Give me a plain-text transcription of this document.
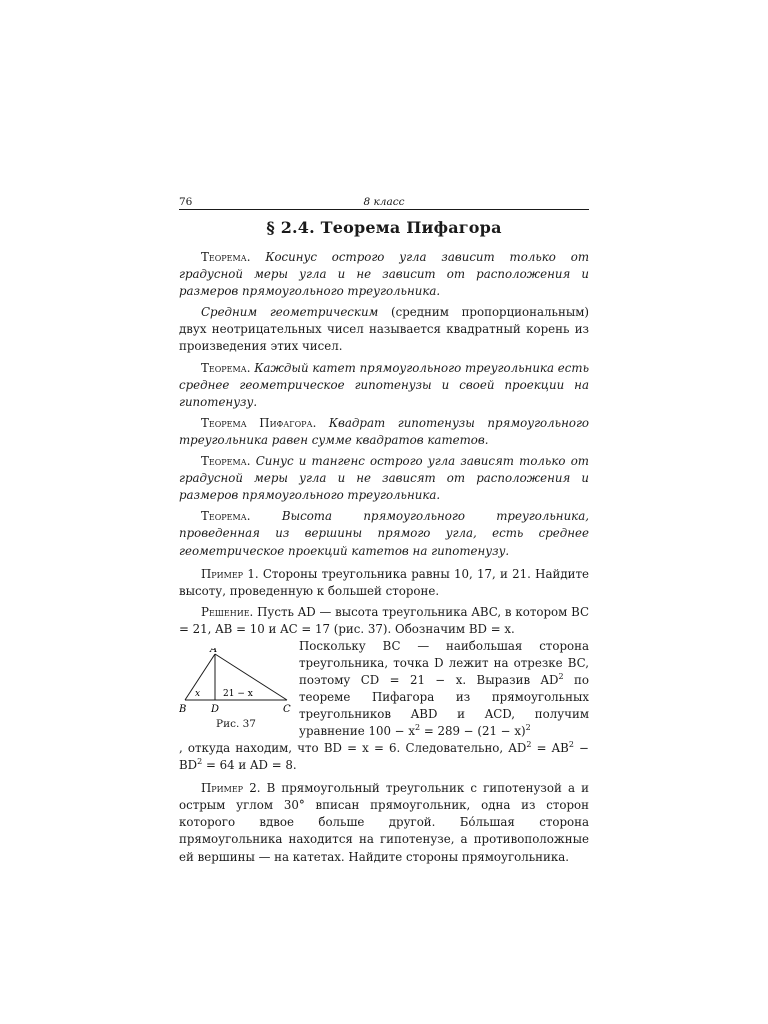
76	8 класс
§ 2.4. Теорема Пифагора

Теорема. Косинус острого угла зависит только от градусной меры угла и не зависит от расположения и размеров прямоугольного треугольника.

Средним геометрическим (средним пропорциональным) двух неотрицательных чисел называется квадратный корень из произведения этих чисел.

Теорема. Каждый катет прямоугольного треугольника есть среднее геометрическое гипотенузы и своей проекции на гипотенузу.

Теорема Пифагора. Квадрат гипотенузы прямоугольного треугольника равен сумме квадратов катетов.

Теорема. Синус и тангенс острого угла зависят только от градусной меры угла и не зависят от расположения и размеров прямоугольного треугольника.

Теорема.	Высота прямоугольного треугольника, проведенная из вершины прямого угла, есть среднее геометрическое проекций катетов на гипотенузу.

Пример 1. Стороны треугольника равны 10, 17, и 21. Найдите высоту, проведенную к большей стороне.

Решение. Пусть AD — высота треугольника ABC, в котором BC = 21, AB = 10 и AC = 17 (рис. 37). Обозначим BD = x.

A
B D	C
x	21 − x
Рис. 37
Поскольку BC — наибольшая сторона треугольника, точка D лежит на отрезке BC, поэтому CD = 21 − x. Выразив $AD^2$ по теореме Пифагора из прямоугольных треугольников ABD и ACD, получим уравнение $100 - x^2 = 289 - (21 - x)^2$

, откуда находим, что BD = x = 6. Следовательно, $AD^2 = AB^2 - BD^2 = 64$ и AD = 8.

Пример 2. В прямоугольный треугольник с гипотенузой a и острым углом 30° вписан прямоугольник, одна из сторон которого вдвое больше другой. Бо́льшая сторона прямоугольника находится на гипотенузе, а противоположные ей вершины — на катетах. Найдите стороны прямоугольника.
